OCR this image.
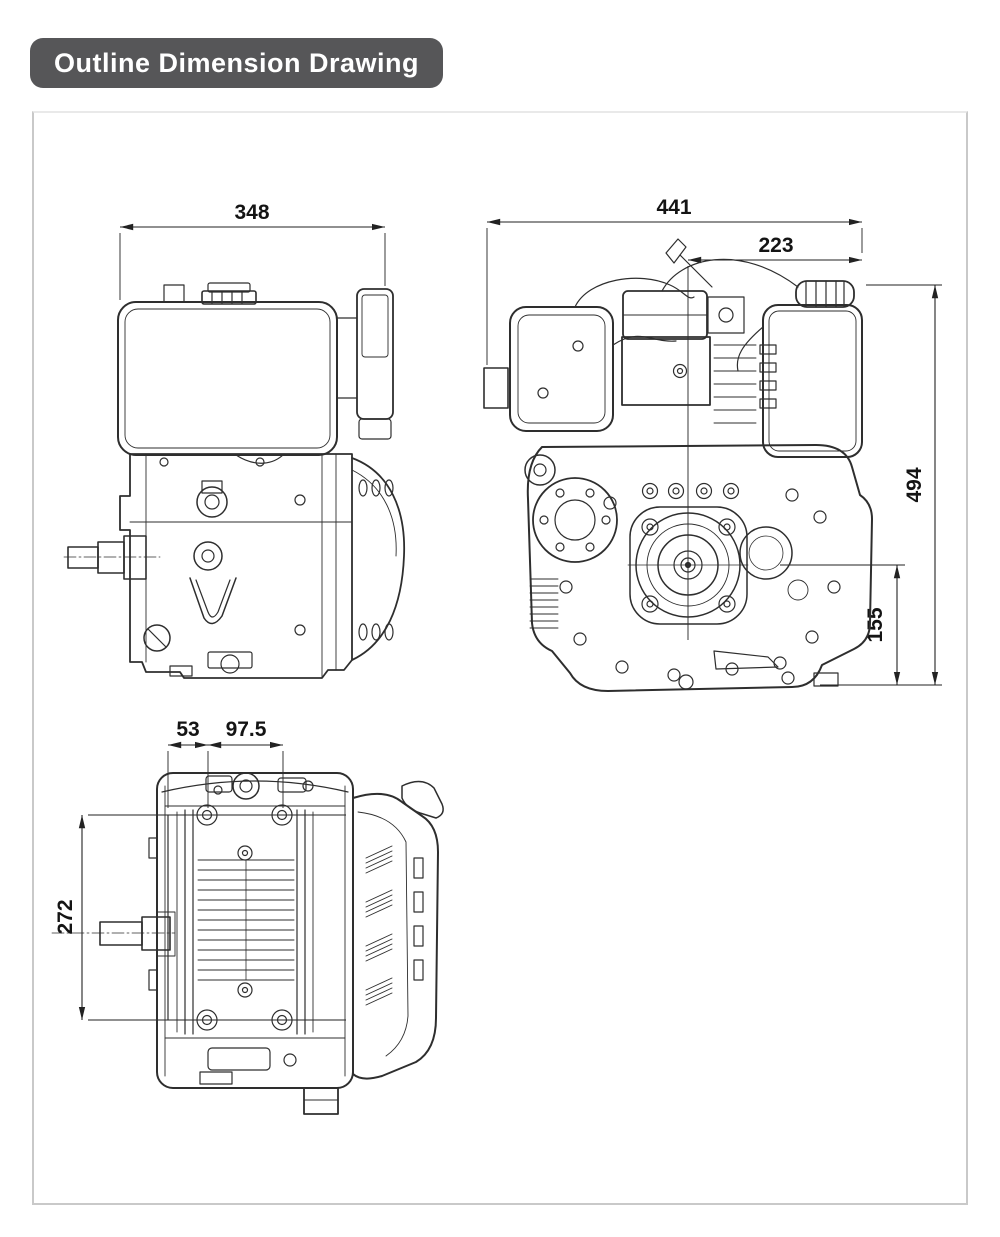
Outline Dimension Drawing
348	441
223
494
155
53 97.5
272
